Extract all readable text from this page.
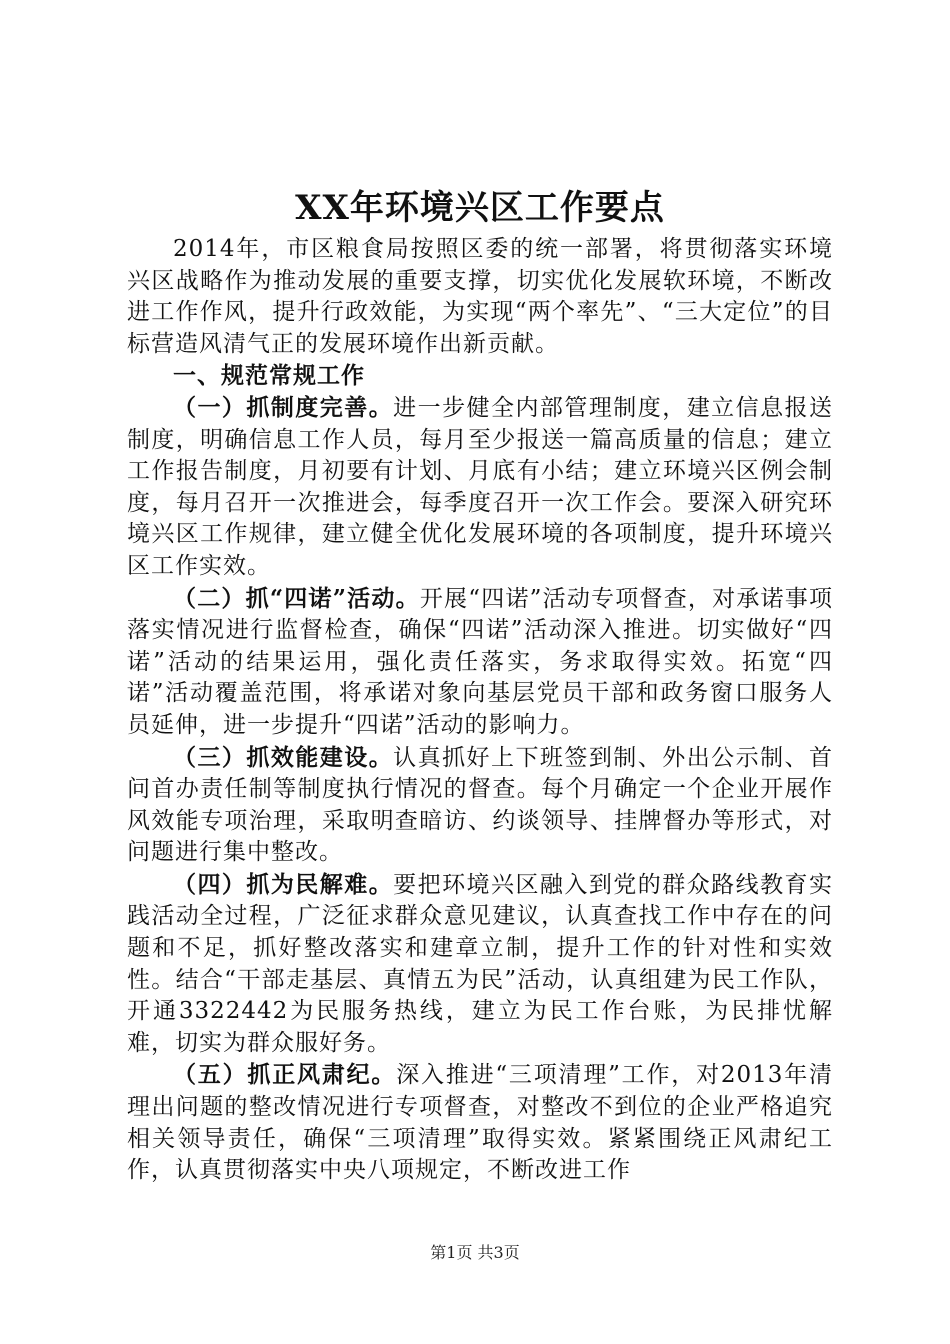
XX年环境兴区工作要点

2014年，市区粮食局按照区委的统一部署，将贯彻落实环境兴区战略作为推动发展的重要支撑，切实优化发展软环境，不断改进工作作风，提升行政效能，为实现“两个率先”、“三大定位”的目标营造风清气正的发展环境作出新贡献。

一、规范常规工作

（一）抓制度完善。进一步健全内部管理制度，建立信息报送制度，明确信息工作人员，每月至少报送一篇高质量的信息；建立工作报告制度，月初要有计划、月底有小结；建立环境兴区例会制度，每月召开一次推进会，每季度召开一次工作会。要深入研究环境兴区工作规律，建立健全优化发展环境的各项制度，提升环境兴区工作实效。

（二）抓“四诺”活动。开展“四诺”活动专项督查，对承诺事项落实情况进行监督检查，确保“四诺”活动深入推进。切实做好“四诺”活动的结果运用，强化责任落实，务求取得实效。拓宽“四诺”活动覆盖范围，将承诺对象向基层党员干部和政务窗口服务人员延伸，进一步提升“四诺”活动的影响力。

（三）抓效能建设。认真抓好上下班签到制、外出公示制、首问首办责任制等制度执行情况的督查。每个月确定一个企业开展作风效能专项治理，采取明查暗访、约谈领导、挂牌督办等形式，对问题进行集中整改。

（四）抓为民解难。要把环境兴区融入到党的群众路线教育实践活动全过程，广泛征求群众意见建议，认真查找工作中存在的问题和不足，抓好整改落实和建章立制，提升工作的针对性和实效性。结合“干部走基层、真情五为民”活动，认真组建为民工作队，开通3322442为民服务热线，建立为民工作台账，为民排忧解难，切实为群众服好务。

（五）抓正风肃纪。深入推进“三项清理”工作，对2013年清理出问题的整改情况进行专项督查，对整改不到位的企业严格追究相关领导责任，确保“三项清理”取得实效。紧紧围绕正风肃纪工作，认真贯彻落实中央八项规定，不断改进工作

第1页 共3页
